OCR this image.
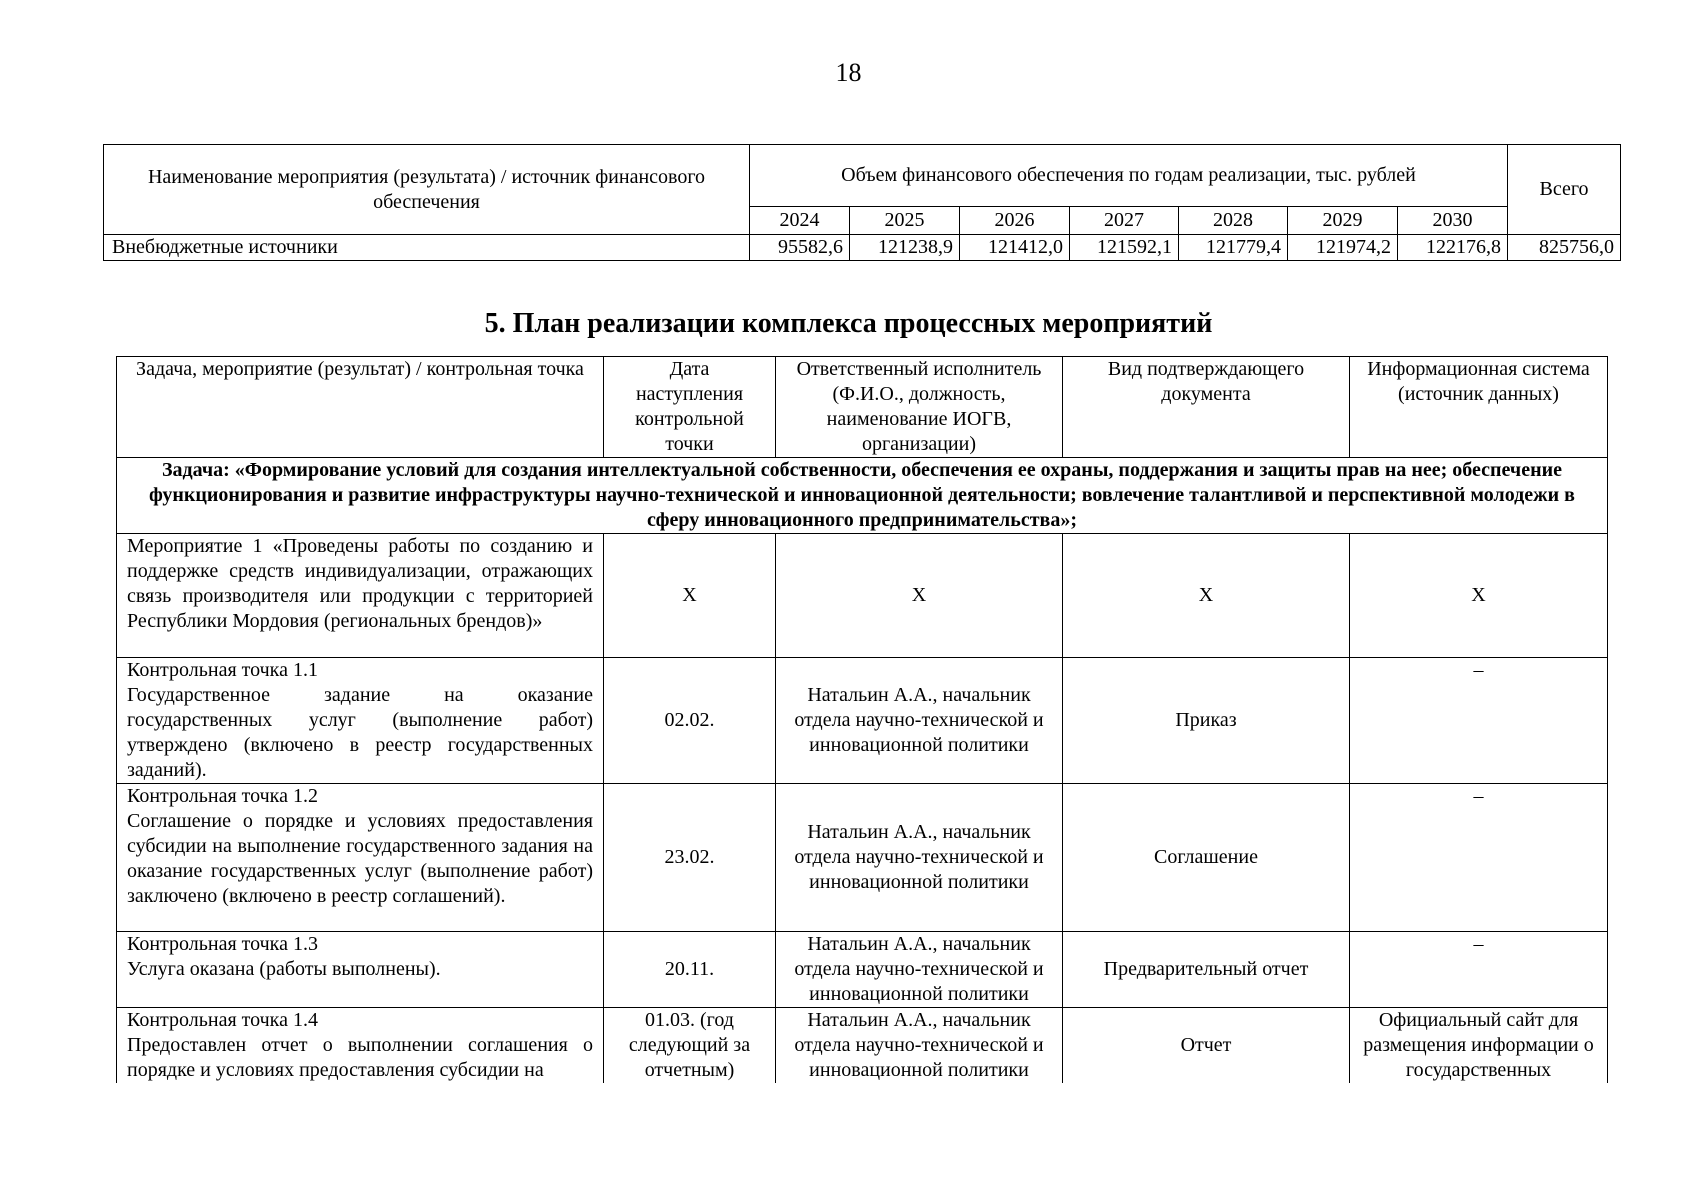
18
Наименование мероприятия (результата) / источник финансового обеспечения	Объем финансового обеспечения по годам реализации, тыс. рублей							Всего
	2024	2025	2026	2027	2028	2029	2030	
Внебюджетные источники	95582,6	121238,9	121412,0	121592,1	121779,4	121974,2	122176,8	825756,0
5. План реализации комплекса процессных мероприятий
Задача, мероприятие (результат) / контрольная точка	Дата наступления контрольной точки	Ответственный исполнитель (Ф.И.О., должность, наименование ИОГВ, организации)	Вид подтверждающего документа	Информационная система (источник данных)
Задача: «Формирование условий для создания интеллектуальной собственности, обеспечения ее охраны, поддержания и защиты прав на нее; обеспечение функционирования и развитие инфраструктуры научно-технической и инновационной деятельности; вовлечение талантливой и перспективной молодежи в сферу инновационного предпринимательства»;				
Мероприятие 1 «Проведены работы по созданию и поддержке средств индивидуализации, отражающих связь производителя или продукции с территорией Республики Мордовия (региональных брендов)»	Х	Х	Х	Х

Контрольная точка 1.1
Государственное задание на оказание государственных услуг (выполнение работ) утверждено (включено в реестр государственных заданий).	02.02.	Натальин А.А., начальник отдела научно-технической и инновационной политики	Приказ	–

Контрольная точка 1.2
Соглашение о порядке и условиях предоставления субсидии на выполнение государственного задания на оказание государственных услуг (выполнение работ) заключено (включено в реестр соглашений).	23.02.	Натальин А.А., начальник отдела научно-технической и инновационной политики	Соглашение	–

Контрольная точка 1.3
Услуга оказана (работы выполнены).	20.11.	Натальин А.А., начальник отдела научно-технической и инновационной политики	Предварительный отчет	–

Контрольная точка 1.4
Предоставлен отчет о выполнении соглашения о порядке и условиях предоставления субсидии на	01.03. (год следующий за отчетным)	Натальин А.А., начальник отдела научно-технической и инновационной политики	Отчет	Официальный сайт для размещения информации о государственных
